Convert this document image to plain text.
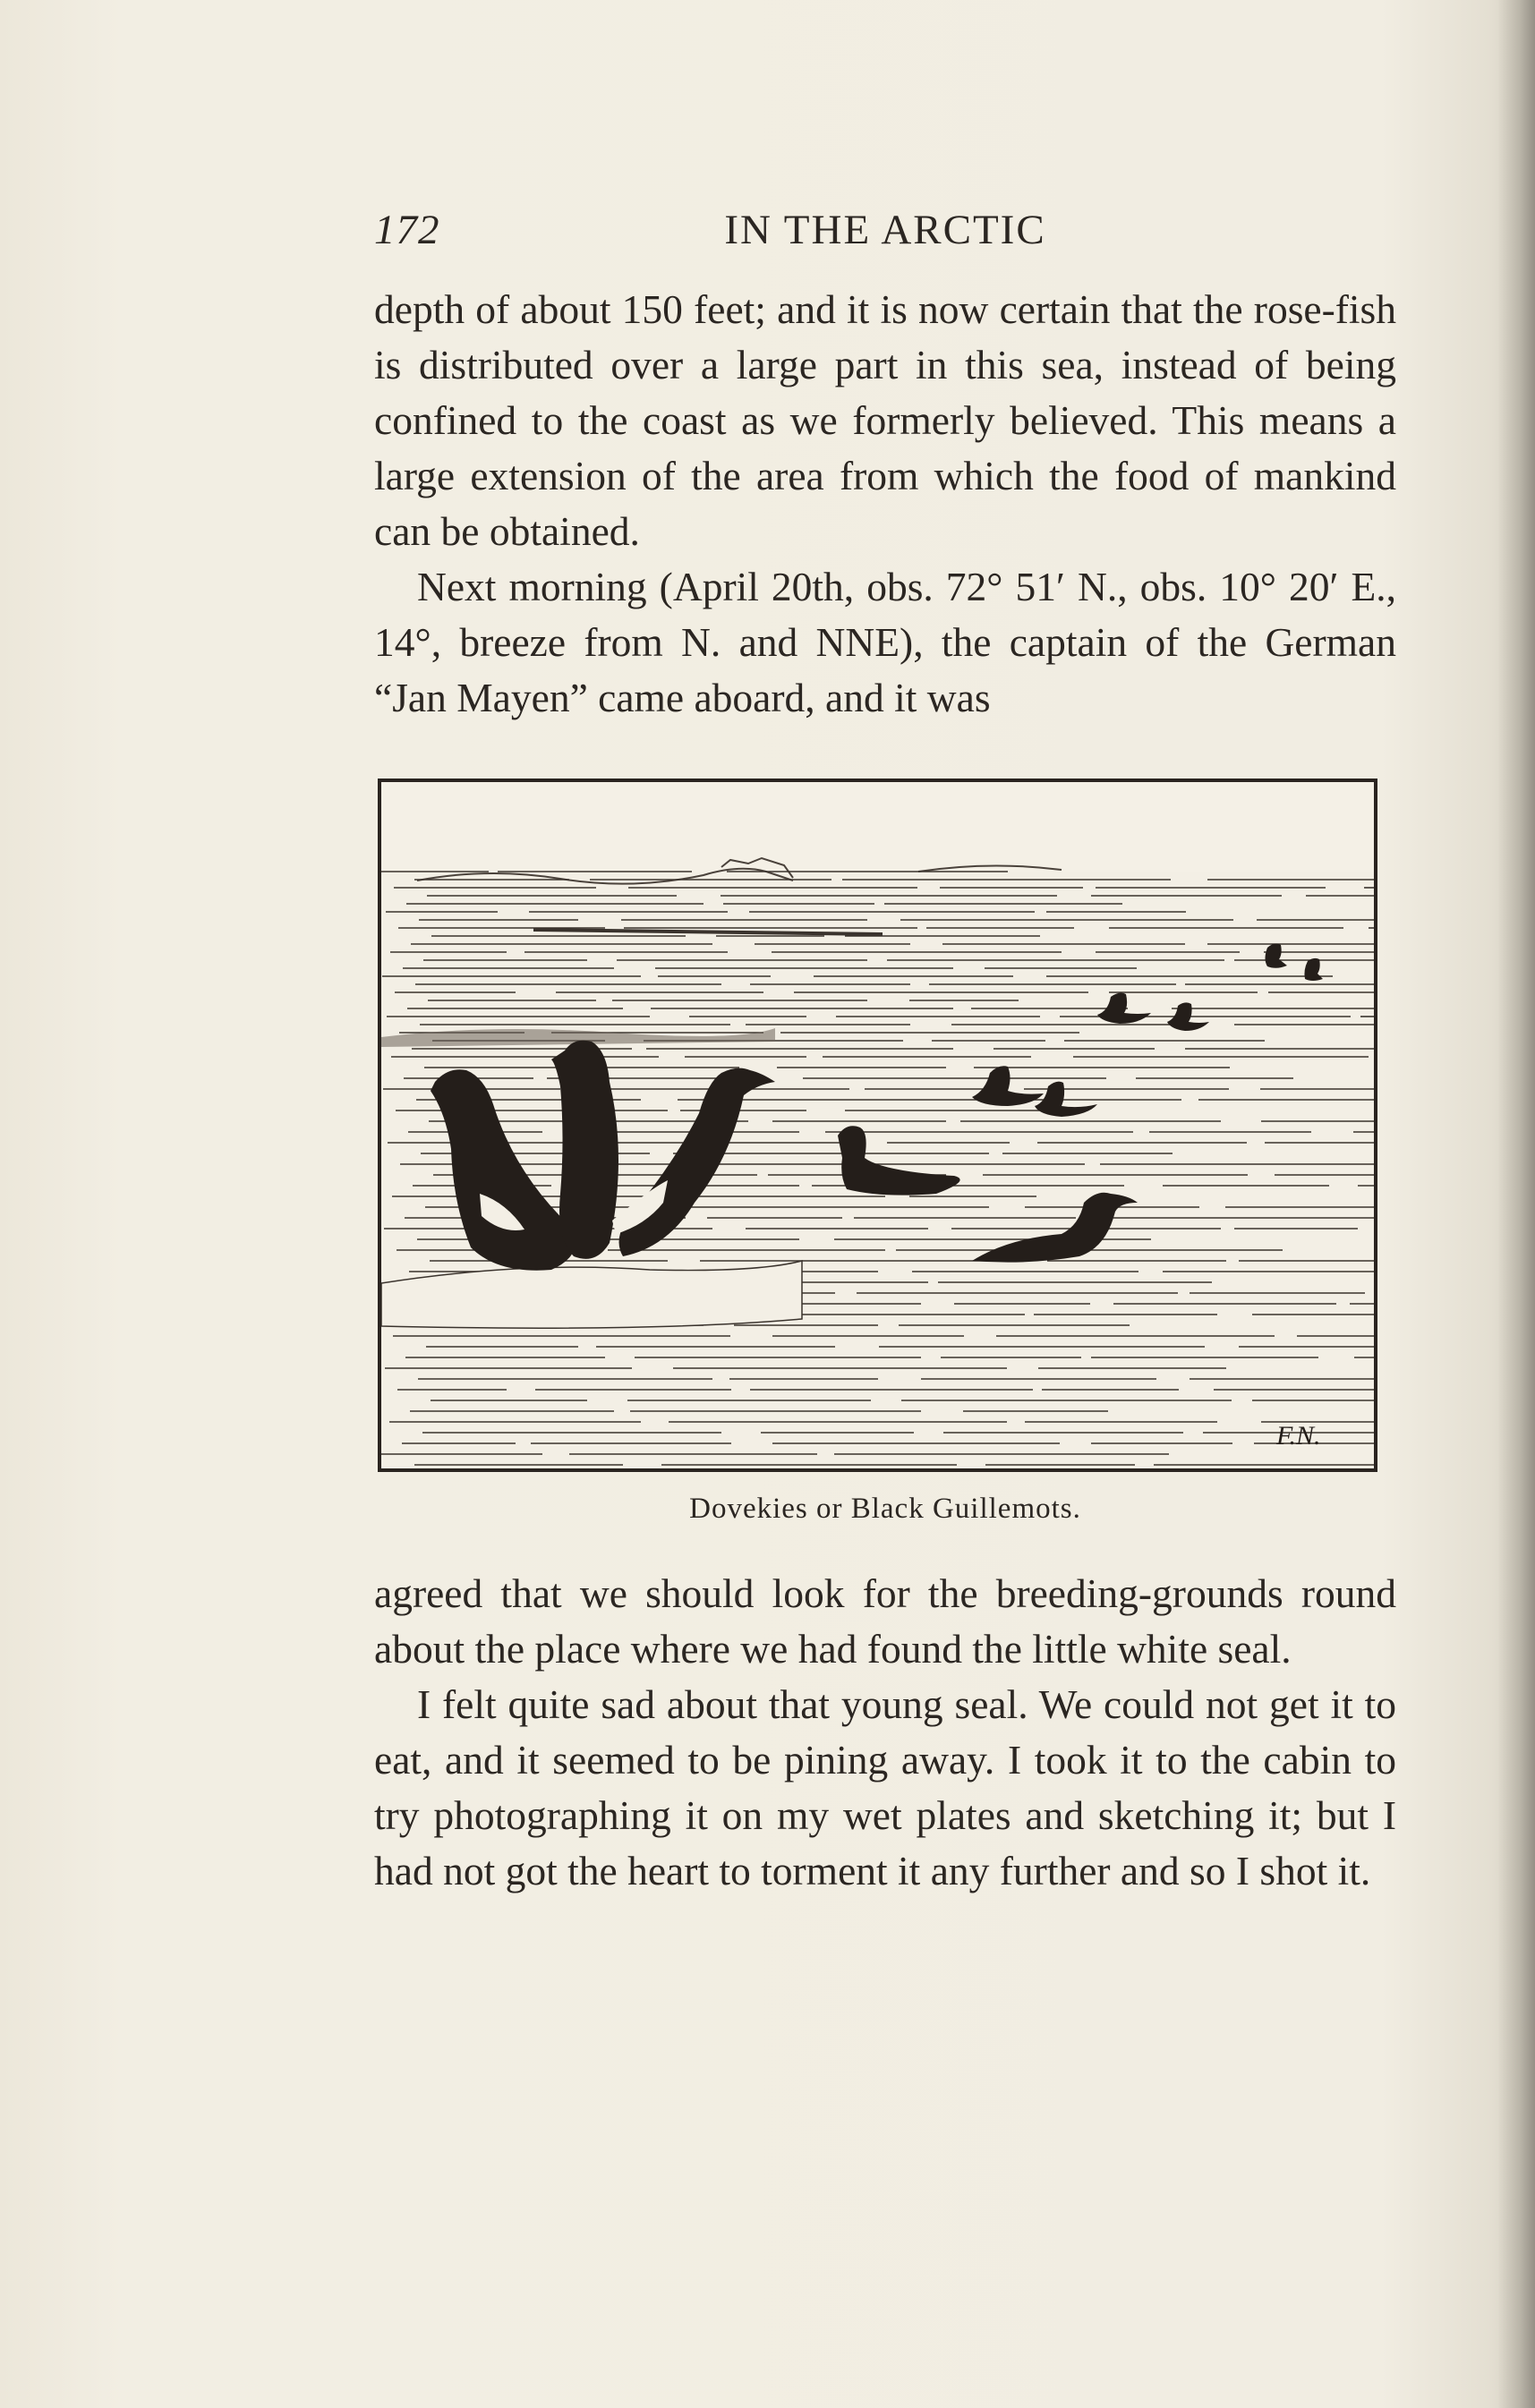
172	IN THE ARCTIC

depth of about 150 feet; and it is now certain that the rose-fish is distributed over a large part in this sea, instead of being confined to the coast as we formerly believed. This means a large extension of the area from which the food of mankind can be obtained.

Next morning (April 20th, obs. 72° 51′ N., obs. 10° 20′ E., 14°, breeze from N. and NNE), the captain of the German “Jan Mayen” came aboard, and it was

F.N.
Dovekies or Black Guillemots.

agreed that we should look for the breeding-grounds round about the place where we had found the little white seal.

I felt quite sad about that young seal. We could not get it to eat, and it seemed to be pining away. I took it to the cabin to try photographing it on my wet plates and sketching it; but I had not got the heart to torment it any further and so I shot it.
